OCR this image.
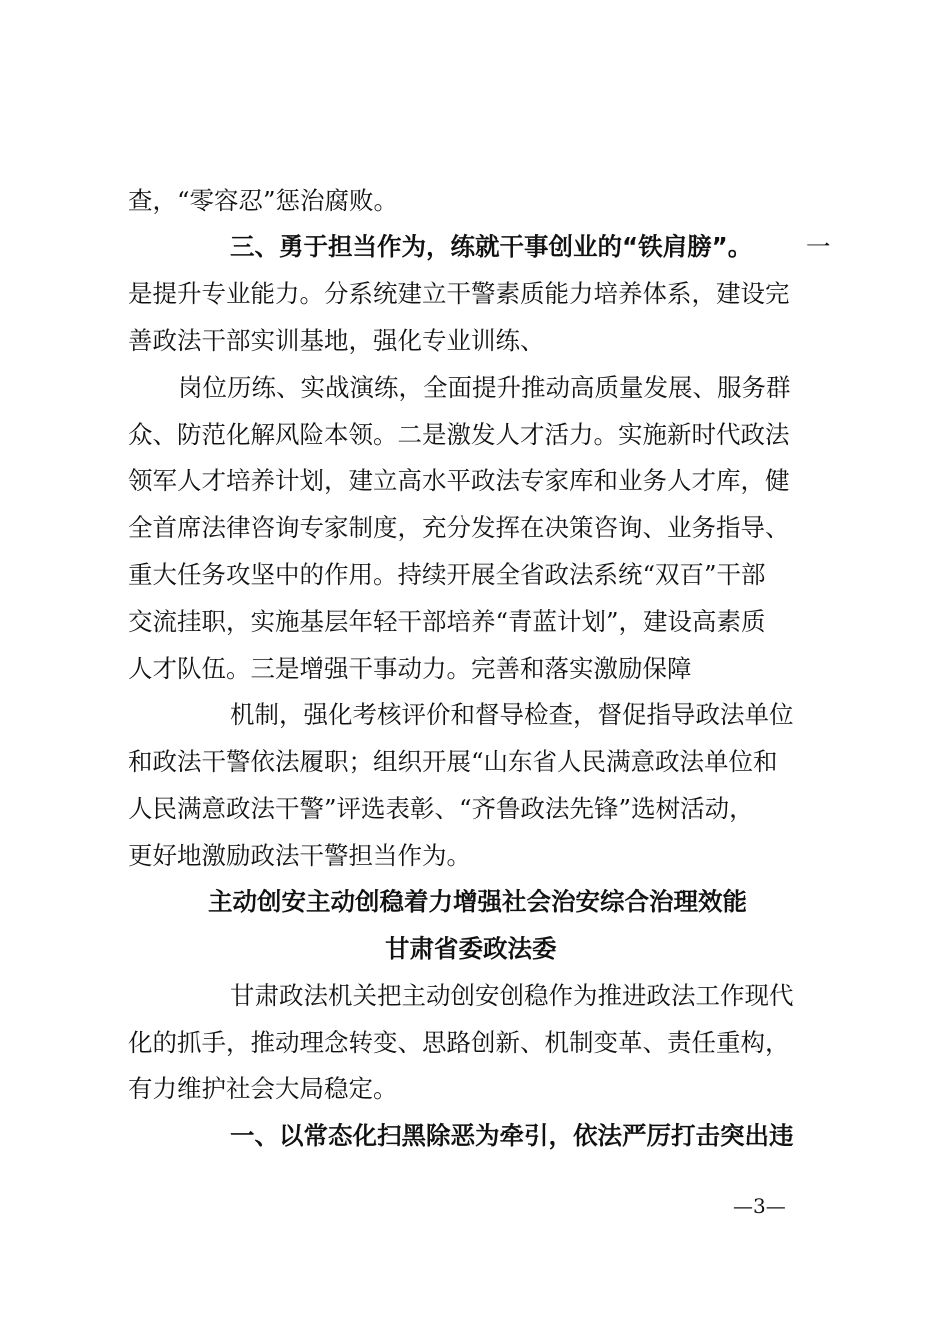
查，“零容忍”惩治腐败。

三、勇于担当作为，练就干事创业的“铁肩膀”。 一

是提升专业能力。分系统建立干警素质能力培养体系，建设完

善政法干部实训基地，强化专业训练、

岗位历练、实战演练，全面提升推动高质量发展、服务群

众、防范化解风险本领。二是激发人才活力。实施新时代政法

领军人才培养计划，建立高水平政法专家库和业务人才库，健

全首席法律咨询专家制度，充分发挥在决策咨询、业务指导、

重大任务攻坚中的作用。持续开展全省政法系统“双百”干部

交流挂职，实施基层年轻干部培养“青蓝计划”，建设高素质

人才队伍。三是增强干事动力。完善和落实激励保障

机制，强化考核评价和督导检查，督促指导政法单位

和政法干警依法履职；组织开展“山东省人民满意政法单位和

人民满意政法干警”评选表彰、“齐鲁政法先锋”选树活动，

更好地激励政法干警担当作为。

主动创安主动创稳着力增强社会治安综合治理效能

甘肃省委政法委

甘肃政法机关把主动创安创稳作为推进政法工作现代

化的抓手，推动理念转变、思路创新、机制变革、责任重构，

有力维护社会大局稳定。

一、以常态化扫黑除恶为牵引，依法严厉打击突出违

—3—
